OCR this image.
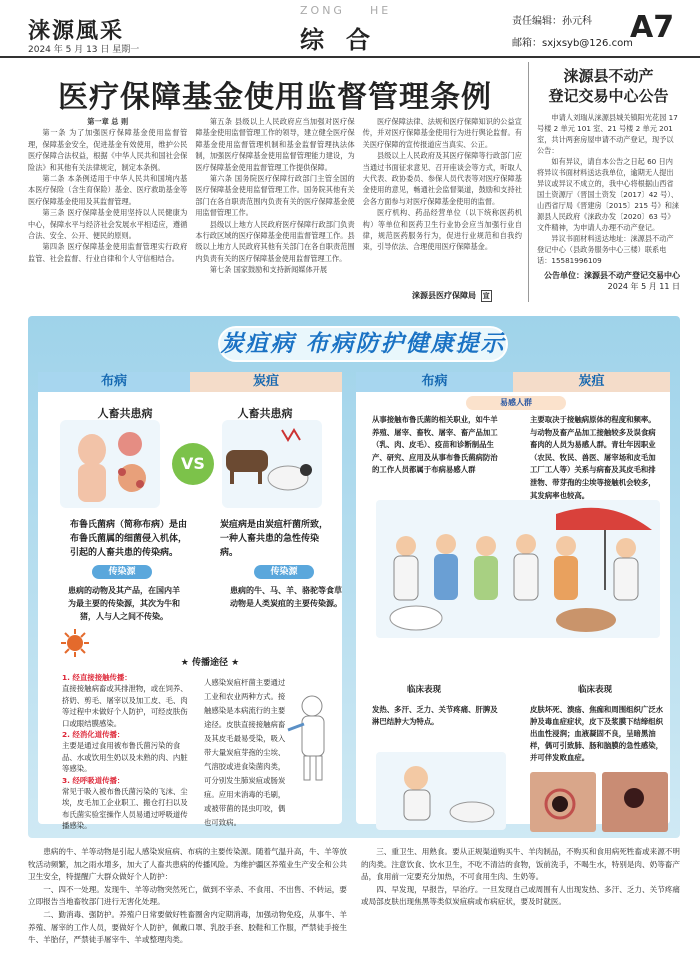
涞源風采
2024 年 5 月 13 日 星期一
ZONG HE
综合
责任编辑：孙元科
邮箱：sxjxsyb@126.com
A7
医疗保障基金使用监督管理条例

第一章 总 则

第一条 为了加强医疗保障基金使用监督管理，保障基金安全，促进基金有效使用，维护公民医疗保障合法权益，根据《中华人民共和国社会保险法》和其他有关法律规定，制定本条例。

第二条 本条例适用于中华人民共和国境内基本医疗保险（含生育保险）基金、医疗救助基金等医疗保障基金使用及其监督管理。

第三条 医疗保障基金使用坚持以人民健康为中心，保障水平与经济社会发展水平相适应，遵循合法、安全、公开、便民的原则。

第四条 医疗保障基金使用监督管理实行政府监管、社会监督、行业自律和个人守信相结合。

第五条 县级以上人民政府应当加强对医疗保障基金使用监督管理工作的领导，建立健全医疗保障基金使用监督管理机制和基金监督管理执法体制，加强医疗保障基金使用监督管理能力建设，为医疗保障基金使用监督管理工作提供保障。

第六条 国务院医疗保障行政部门主管全国的医疗保障基金使用监督管理工作。国务院其他有关部门在各自职责范围内负责有关的医疗保障基金使用监督管理工作。

县级以上地方人民政府医疗保障行政部门负责本行政区域的医疗保障基金使用监督管理工作。县级以上地方人民政府其他有关部门在各自职责范围内负责有关的医疗保障基金使用监督管理工作。

第七条 国家鼓励和支持新闻媒体开展

医疗保障法律、法规和医疗保障知识的公益宣传，并对医疗保障基金使用行为进行舆论监督。有关医疗保障的宣传报道应当真实、公正。

县级以上人民政府及其医疗保障等行政部门应当通过书面征求意见、召开座谈会等方式，听取人大代表、政协委员、参保人员代表等对医疗保障基金使用的意见，畅通社会监督渠道，鼓励和支持社会各方面参与对医疗保障基金使用的监督。

医疗机构、药品经营单位（以下统称医药机构）等单位和医药卫生行业协会应当加强行业自律，规范医药服务行为，促进行业规范和自我约束，引导依法、合理使用医疗保障基金。

涞源县医疗保障局 宣
涞源县不动产
登记交易中心公告

申请人刘瑞从涞源县城关镇阳光花园 17 号楼 2 单元 101 室、21 号楼 2 单元 201 室，共计两套房屋申请不动产登记，现予以公告：

如有异议，请自本公告之日起 60 日内将异议书面材料送达我单位，逾期无人提出异议或异议不成立的，我中心将根据山西省国土资源厅（晋国土资发〔2017〕42 号）、山西省厅局《晋建房〔2015〕215 号》和涞源县人民政府《涞政办发〔2020〕63 号》文件精神，为申请人办理不动产登记。

异议书面材料送达地址：涞源县不动产登记中心（县政务服务中心三楼）联系电话：15581996109

公告单位：涞源县不动产登记交易中心
2024 年 5 月 11 日
炭疽病 布病防护健康提示
布病	炭疽	布病	炭疽
人畜共患病	人畜共患病
VS
布鲁氏菌病（简称布病）是由布鲁氏菌属的细菌侵入机体，引起的人畜共患的传染病。
炭疽病是由炭疽杆菌所致，一种人畜共患的急性传染病。
传染源	传染源
患病的动物及其产品，在国内羊为最主要的传染源，其次为牛和猪，人与人之间不传染。
患病的牛、马、羊、骆驼等食草动物是人类炭疽的主要传染源。
★ 传播途径 ★
1. 经直接接触传播：
直接接触病畜或其排泄物，或在饲养、挤奶、剪毛、屠宰以及加工皮、毛、肉等过程中未做好个人防护，可经皮肤伤口或眼结膜感染。
2. 经消化道传播：
主要是通过食用被布鲁氏菌污染的食品、水或饮用生奶以及未熟的肉、内脏等感染。
3. 经呼吸道传播：
常见于吸入被布鲁氏菌污染的飞沫、尘埃，皮毛加工企业职工、搬仓打扫以及布氏菌实验室操作人员易通过呼吸道传播感染。
人感染炭疽杆菌主要通过工业和农业两种方式。接触感染是本病流行的主要途径。皮肤直接接触病畜及其皮毛最易受染，吸入带大量炭疽芽孢的尘埃、气溶胶或进食染菌肉类，可分别发生肺炭疽或肠炭疽。应用未消毒的毛刷，或被带菌的昆虫叮咬，偶也可致病。
易感人群
从事接触布鲁氏菌的相关职业，如牛羊养殖、屠宰、畜牧、屠宰、畜产品加工（乳、肉、皮毛）、疫苗和诊断制品生产、研究、应用及从事布鲁氏菌病防治的工作人员都属于布病易感人群
主要取决于接触病原体的程度和频率。与动物及畜产品加工接触较多及误食病畜肉的人员为易感人群。青壮年因职业（农民、牧民、兽医、屠宰场和皮毛加工厂工人等）关系与病畜及其皮毛和排泄物、带芽孢的尘埃等接触机会较多，其发病率也较高。
临床表现	临床表现
发热、多汗、乏力、关节疼痛、肝脾及淋巴结肿大为特点。
皮肤坏死、溃疡、焦痂和周围组织广泛水肿及毒血症症状，皮下及浆膜下结缔组织出血性浸润；血液凝固不良，呈暗黑油样，偶可引致肺、肠和脑膜的急性感染，并可伴发败血症。

患病的牛、羊等动物是引起人感染炭疽病、布病的主要传染源。随着气温升高，牛、羊等放牧活动频繁，加之雨水增多，加大了人畜共患病的传播风险。为维护疆区养殖业生产安全和公共卫生安全，特提醒广大群众做好个人防护：

一、四不一处理。发现牛、羊等动物突然死亡，做到不宰杀、不食用、不出售、不转运，要立即报告当地畜牧部门进行无害化处理。

二、勤消毒、强防护。养殖户日常要做好牲畜圈舍内定期消毒，加强动物免疫，从事牛、羊养殖、屠宰的工作人员，要做好个人防护，佩戴口罩、乳胶手套、胶鞋和工作服，严禁徒手接生牛、羊胎仔，严禁徒手屠宰牛、羊或整理肉类。

三、重卫生、用熟食。要从正规渠道购买牛、羊肉制品，不购买和食用病死牲畜或来源不明的肉类。注意饮食、饮水卫生，不吃不清洁的食物，饭前洗手，不喝生水，特别是肉、奶等畜产品，食用前一定要充分加热，不可食用生肉、生奶等。

四、早发现，早报告，早治疗。一旦发现自己或周围有人出现发热、多汗、乏力、关节疼痛或局部皮肤出现焦黑等类似炭疽病或布病症状，要及时就医。
